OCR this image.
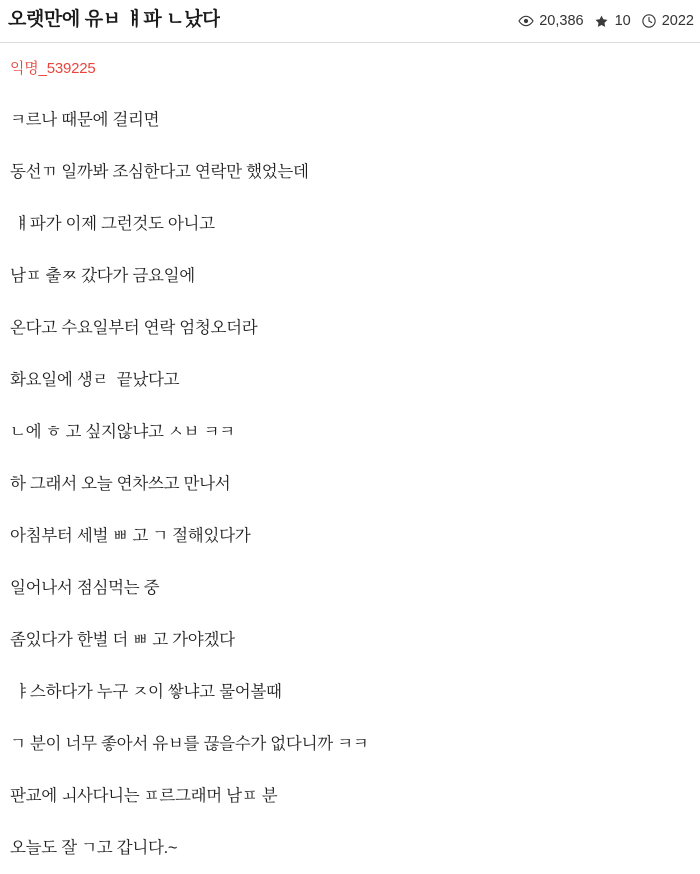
오랫만에 유ㅂ ㅒ파 ㄴ났다	20,386 10 2022
익명_539225
ㅋ르나 때문에 걸리면
동선ㄲ 일까봐 조심한다고 연락만 했었는데
ㅒ파가 이제 그런것도 아니고
남ㅍ 출ㅉ 갔다가 금요일에
온다고 수요일부터 연락 엄청오더라
화요일에 생ㄹ  끝났다고
ㄴ에 ㅎ 고 싶지않냐고 ㅅㅂ ㅋㅋ
하 그래서 오늘 연차쓰고 만나서
아침부터 세벌 ㅃ 고 ㄱ 절해있다가
일어나서 점심먹는 중
좀있다가 한벌 더 ㅃ 고 가야겠다
ㅑ스하다가 누구 ㅈ이 쌓냐고 물어볼때
ㄱ 분이 너무 좋아서 유ㅂ를 끊을수가 없다니까 ㅋㅋ
판교에 ㅚ사다니는 ㅍ르그래머 남ㅍ 분
오늘도 잘 ㄱ고 갑니다.~
